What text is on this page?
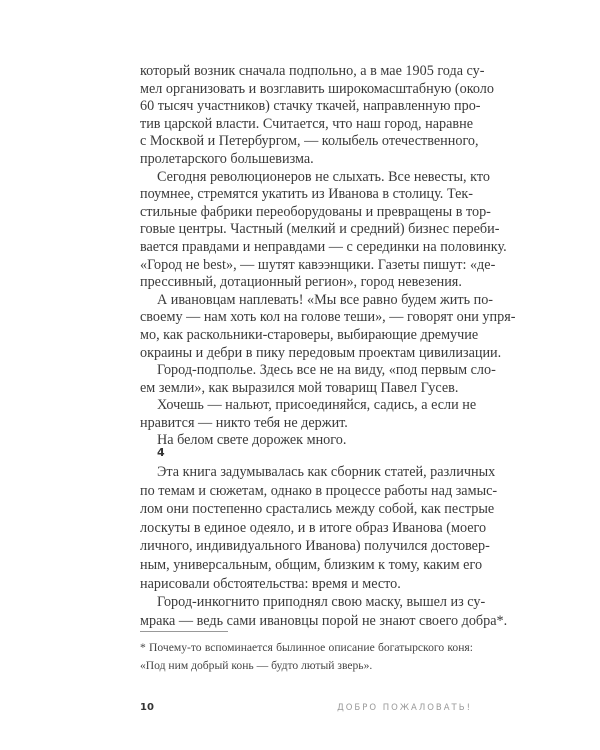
который возник сначала подпольно, а в мае 1905 года су-
мел организовать и возглавить широкомасштабную (около
60 тысяч участников) стачку ткачей, направленную про-
тив царской власти. Считается, что наш город, наравне
с Москвой и Петербургом, — колыбель отечественного,
пролетарского большевизма.
Сегодня революционеров не слыхать. Все невесты, кто
поумнее, стремятся укатить из Иванова в столицу. Тек-
стильные фабрики переоборудованы и превращены в тор-
говые центры. Частный (мелкий и средний) бизнес переби-
вается правдами и неправдами — с серединки на половинку.
«Город не best», — шутят кавээнщики. Газеты пишут: «де-
прессивный, дотационный регион», город невезения.
А ивановцам наплевать! «Мы все равно будем жить по-
своему — нам хоть кол на голове теши», — говорят они упря-
мо, как раскольники-староверы, выбирающие дремучие
окраины и дебри в пику передовым проектам цивилизации.
Город-подполье. Здесь все не на виду, «под первым сло-
ем земли», как выразился мой товарищ Павел Гусев.
Хочешь — нальют, присоединяйся, садись, а если не
нравится — никто тебя не держит.
На белом свете дорожек много.
4
Эта книга задумывалась как сборник статей, различных
по темам и сюжетам, однако в процессе работы над замыс-
лом они постепенно срастались между собой, как пестрые
лоскуты в единое одеяло, и в итоге образ Иванова (моего
личного, индивидуального Иванова) получился достовер-
ным, универсальным, общим, близким к тому, каким его
нарисовали обстоятельства: время и место.
Город-инкогнито приподнял свою маску, вышел из су-
мрака — ведь сами ивановцы порой не знают своего добра*.
* Почему-то вспоминается былинное описание богатырского коня:
«Под ним добрый конь — будто лютый зверь».
10	ДОБРО ПОЖАЛОВАТЬ!
